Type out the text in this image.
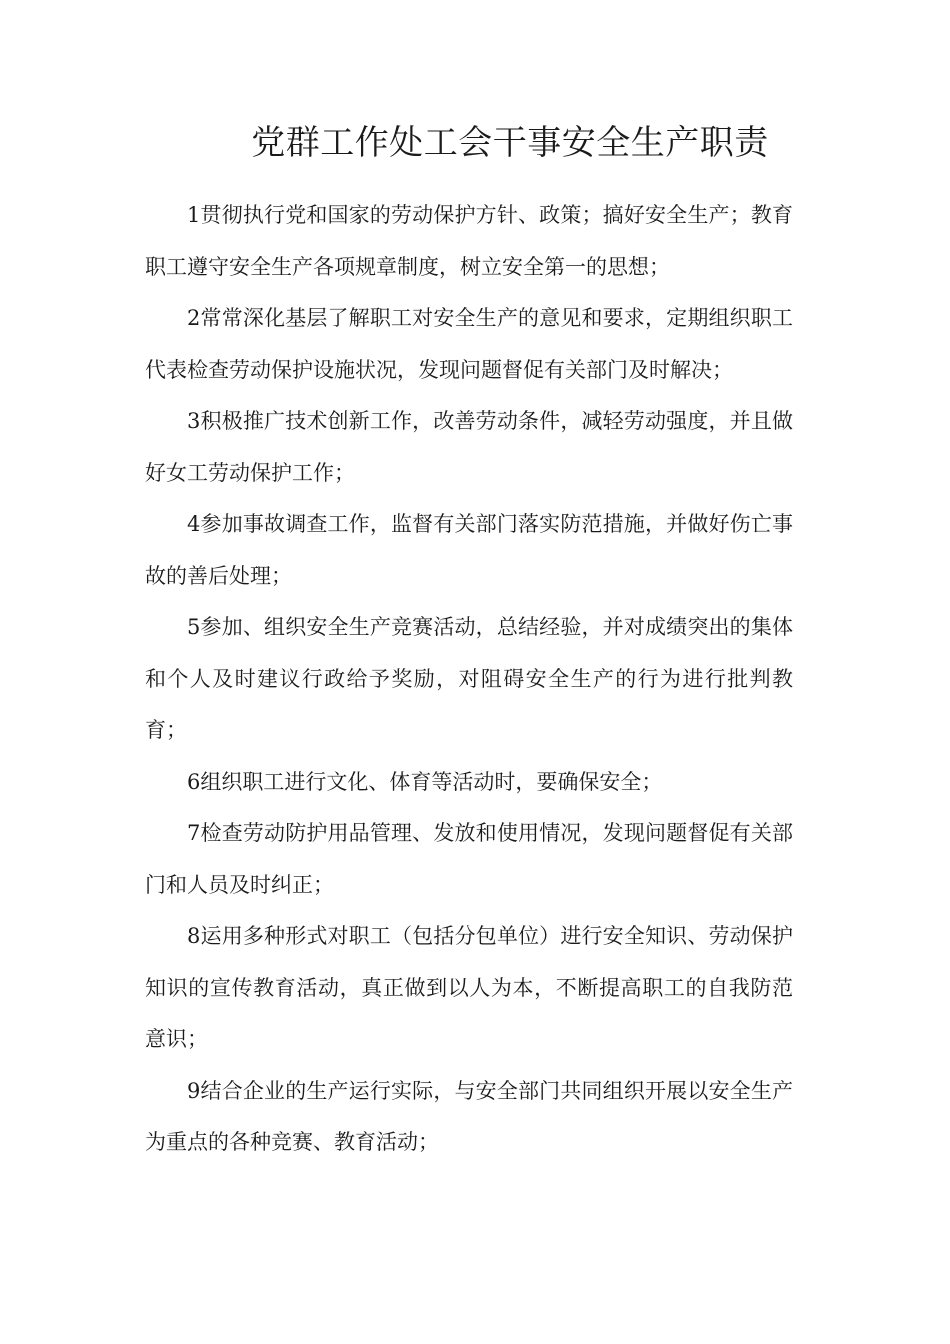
党群工作处工会干事安全生产职责

1贯彻执行党和国家的劳动保护方针、政策；搞好安全生产；教育职工遵守安全生产各项规章制度，树立安全第一的思想；

2常常深化基层了解职工对安全生产的意见和要求，定期组织职工代表检查劳动保护设施状况，发现问题督促有关部门及时解决；

3积极推广技术创新工作，改善劳动条件，减轻劳动强度，并且做好女工劳动保护工作；

4参加事故调查工作，监督有关部门落实防范措施，并做好伤亡事故的善后处理；

5参加、组织安全生产竞赛活动，总结经验，并对成绩突出的集体和个人及时建议行政给予奖励，对阻碍安全生产的行为进行批判教育；

6组织职工进行文化、体育等活动时，要确保安全；

7检查劳动防护用品管理、发放和使用情况，发现问题督促有关部门和人员及时纠正；

8运用多种形式对职工（包括分包单位）进行安全知识、劳动保护知识的宣传教育活动，真正做到以人为本，不断提高职工的自我防范意识；

9结合企业的生产运行实际，与安全部门共同组织开展以安全生产为重点的各种竞赛、教育活动；
